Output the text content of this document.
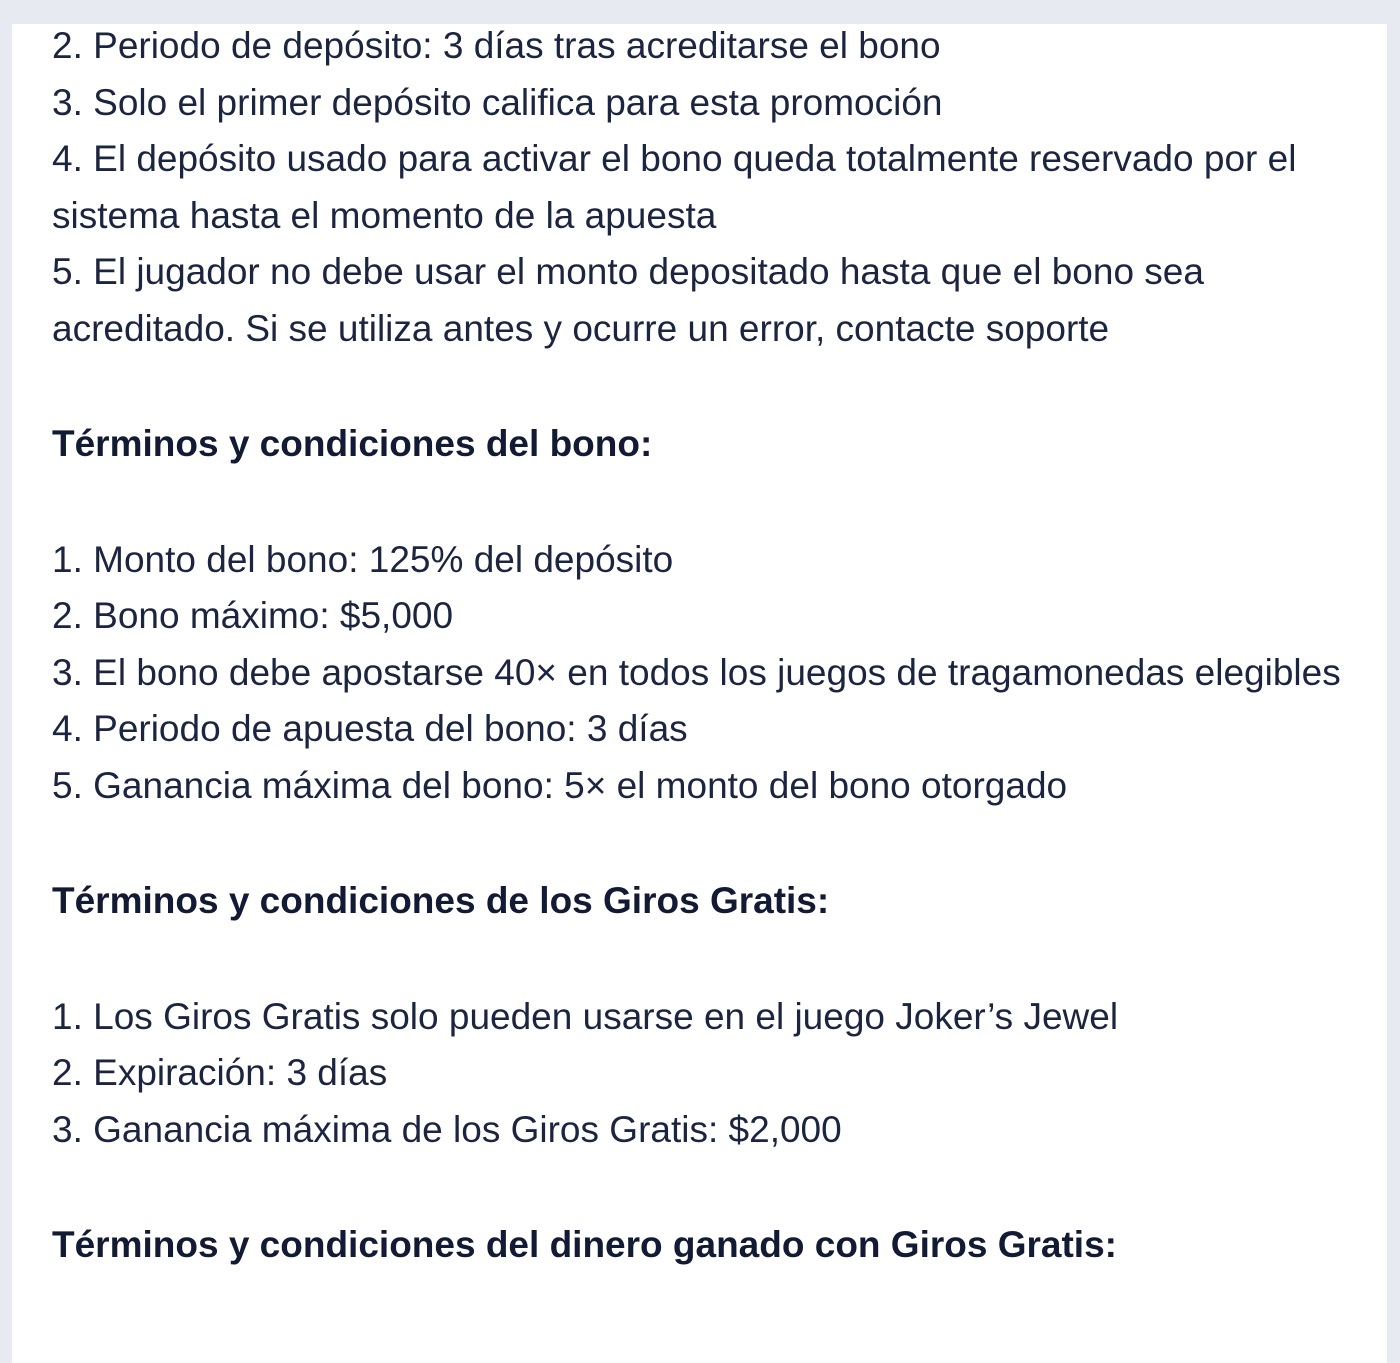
2. Periodo de depósito: 3 días tras acreditarse el bono

3. Solo el primer depósito califica para esta promoción

4. El depósito usado para activar el bono queda totalmente reservado por el sistema hasta el momento de la apuesta

5. El jugador no debe usar el monto depositado hasta que el bono sea acreditado. Si se utiliza antes y ocurre un error, contacte soporte

Términos y condiciones del bono:

1. Monto del bono: 125% del depósito

2. Bono máximo: $5,000

3. El bono debe apostarse 40× en todos los juegos de tragamonedas elegibles

4. Periodo de apuesta del bono: 3 días

5. Ganancia máxima del bono: 5× el monto del bono otorgado

Términos y condiciones de los Giros Gratis:

1. Los Giros Gratis solo pueden usarse en el juego Joker’s Jewel

2. Expiración: 3 días

3. Ganancia máxima de los Giros Gratis: $2,000

Términos y condiciones del dinero ganado con Giros Gratis:
